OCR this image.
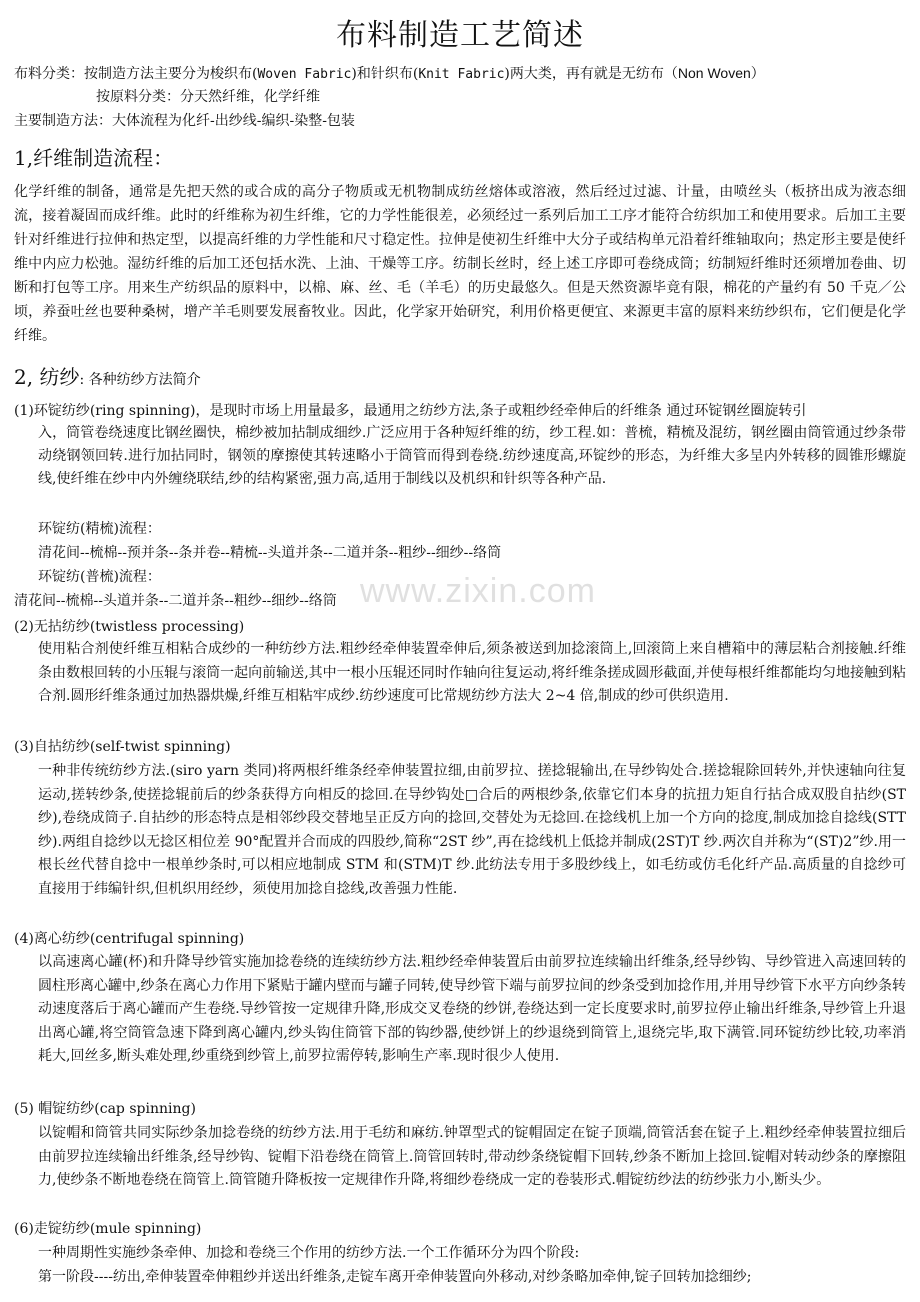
布料制造工艺简述
布料分类：按制造方法主要分为梭织布(Woven Fabric)和针织布(Knit Fabric)两大类，再有就是无纺布（Non Woven）
按原料分类：分天然纤维，化学纤维
主要制造方法：大体流程为化纤-出纱线-编织-染整-包装
1,纤维制造流程：

化学纤维的制备，通常是先把天然的或合成的高分子物质或无机物制成纺丝熔体或溶液，然后经过过滤、计量，由喷丝头（板挤出成为液态细流，接着凝固而成纤维。此时的纤维称为初生纤维，它的力学性能很差，必须经过一系列后加工工序才能符合纺织加工和使用要求。后加工主要针对纤维进行拉伸和热定型，以提高纤维的力学性能和尺寸稳定性。拉伸是使初生纤维中大分子或结构单元沿着纤维轴取向；热定形主要是使纤维中内应力松弛。湿纺纤维的后加工还包括水洗、上油、干燥等工序。纺制长丝时，经上述工序即可卷绕成筒；纺制短纤维时还须增加卷曲、切断和打包等工序。用来生产纺织品的原料中，以棉、麻、丝、毛（羊毛）的历史最悠久。但是天然资源毕竟有限，棉花的产量约有 50 千克／公顷，养蚕吐丝也要种桑树，增产羊毛则要发展畜牧业。因此，化学家开始研究，利用价格更便宜、来源更丰富的原料来纺纱织布，它们便是化学纤维。

2, 纺纱: 各种纺纱方法简介
(1)环锭纺纱(ring spinning)，是现时市场上用量最多，最通用之纺纱方法,条子或粗纱经牵伸后的纤维条 通过环锭钢丝圈旋转引

入，筒管卷绕速度比钢丝圈快，棉纱被加拈制成细纱.广泛应用于各种短纤维的纺，纱工程.如：普梳，精梳及混纺，钢丝圈由筒管通过纱条带动绕钢领回转.进行加拈同时，钢领的摩擦使其转速略小于筒管而得到卷绕.纺纱速度高,环锭纱的形态，为纤维大多呈内外转移的圆锥形螺旋线,使纤维在纱中内外缠绕联结,纱的结构紧密,强力高,适用于制线以及机织和针织等各种产品.

环锭纺(精梳)流程：
清花间--梳棉--预并条--条并卷--精梳--头道并条--二道并条--粗纱--细纱--络筒
环锭纺(普梳)流程：
清花间--梳棉--头道并条--二道并条--粗纱--细纱--络筒
(2)无拈纺纱(twistless processing)

使用粘合剂使纤维互相粘合成纱的一种纺纱方法.粗纱经牵伸装置牵伸后,须条被送到加捻滚筒上,回滚筒上来自槽箱中的薄层粘合剂接触.纤维条由数根回转的小压辊与滚筒一起向前输送,其中一根小压辊还同时作轴向往复运动,将纤维条搓成圆形截面,并使每根纤维都能均匀地接触到粘合剂.圆形纤维条通过加热器烘燥,纤维互相粘牢成纱.纺纱速度可比常规纺纱方法大 2~4 倍,制成的纱可供织造用.

(3)自拈纺纱(self-twist spinning)

一种非传统纺纱方法.(siro yarn 类同)将两根纤维条经牵伸装置拉细,由前罗拉、搓捻辊输出,在导纱钩处合.搓捻辊除回转外,并快速轴向往复运动,搓转纱条,使搓捻辊前后的纱条获得方向相反的捻回.在导纱钩处□合后的两根纱条,依靠它们本身的抗扭力矩自行拈合成双股自拈纱(ST 纱),卷绕成筒子.自拈纱的形态特点是相邻纱段交替地呈正反方向的捻回,交替处为无捻回.在捻线机上加一个方向的捻度,制成加捻自捻线(STT 纱).两组自捻纱以无捻区相位差 90°配置并合而成的四股纱,简称“2ST 纱”,再在捻线机上低捻并制成(2ST)T 纱.两次自并称为“(ST)2”纱.用一根长丝代替自捻中一根单纱条时,可以相应地制成 STM 和(STM)T 纱.此纺法专用于多股纱线上，如毛纺或仿毛化纤产品.高质量的自捻纱可直接用于纬编针织,但机织用经纱，须使用加捻自捻线,改善强力性能.

(4)离心纺纱(centrifugal spinning)

以高速离心罐(杯)和升降导纱管实施加捻卷绕的连续纺纱方法.粗纱经牵伸装置后由前罗拉连续输出纤维条,经导纱钩、导纱管进入高速回转的圆柱形离心罐中,纱条在离心力作用下紧贴于罐内壁而与罐子同转,使导纱管下端与前罗拉间的纱条受到加捻作用,并用导纱管下水平方向纱条转动速度落后于离心罐而产生卷绕.导纱管按一定规律升降,形成交叉卷绕的纱饼,卷绕达到一定长度要求时,前罗拉停止输出纤维条,导纱管上升退出离心罐,将空筒管急速下降到离心罐内,纱头钩住筒管下部的钩纱器,使纱饼上的纱退绕到筒管上,退绕完毕,取下满管.同环锭纺纱比较,功率消耗大,回丝多,断头难处理,纱重绕到纱管上,前罗拉需停转,影响生产率.现时很少人使用.

(5) 帽锭纺纱(cap spinning)

以锭帽和筒管共同实际纱条加捻卷绕的纺纱方法.用于毛纺和麻纺.钟罩型式的锭帽固定在锭子顶端,筒管活套在锭子上.粗纱经牵伸装置拉细后由前罗拉连续输出纤维条,经导纱钩、锭帽下沿卷绕在筒管上.筒管回转时,带动纱条绕锭帽下回转,纱条不断加上捻回.锭帽对转动纱条的摩擦阻力,使纱条不断地卷绕在筒管上.筒管随升降板按一定规律作升降,将细纱卷绕成一定的卷装形式.帽锭纺纱法的纺纱张力小,断头少。

(6)走锭纺纱(mule spinning)
一种周期性实施纱条牵伸、加捻和卷绕三个作用的纺纱方法.一个工作循环分为四个阶段:
第一阶段----纺出,牵伸装置牵伸粗纱并送出纤维条,走锭车离开牵伸装置向外移动,对纱条略加牵伸,锭子回转加捻细纱;
www.zixin.com
